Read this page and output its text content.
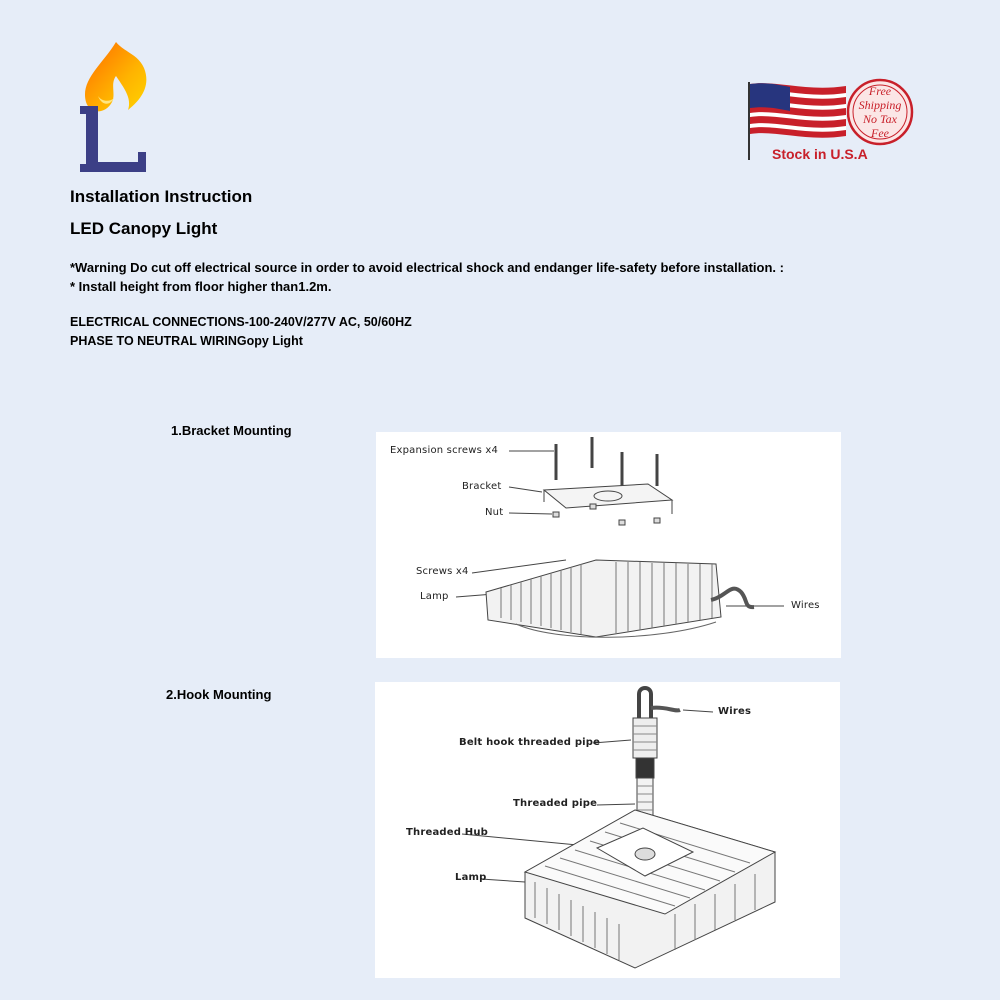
Free
Shipping
No Tax
Fee
Stock in U.S.A
Installation Instruction
LED Canopy Light
*Warning Do cut off electrical source in order to avoid electrical shock and endanger life-safety before installation. :
* Install height from floor higher than1.2m.
ELECTRICAL CONNECTIONS-100-240V/277V AC, 50/60HZ
PHASE TO NEUTRAL WIRINGopy Light
1.Bracket Mounting
Expansion screws x4
Bracket
Nut
Screws x4
Lamp
Wires
2.Hook Mounting
Wires
Belt hook threaded pipe
Threaded pipe
Threaded Hub
Lamp
